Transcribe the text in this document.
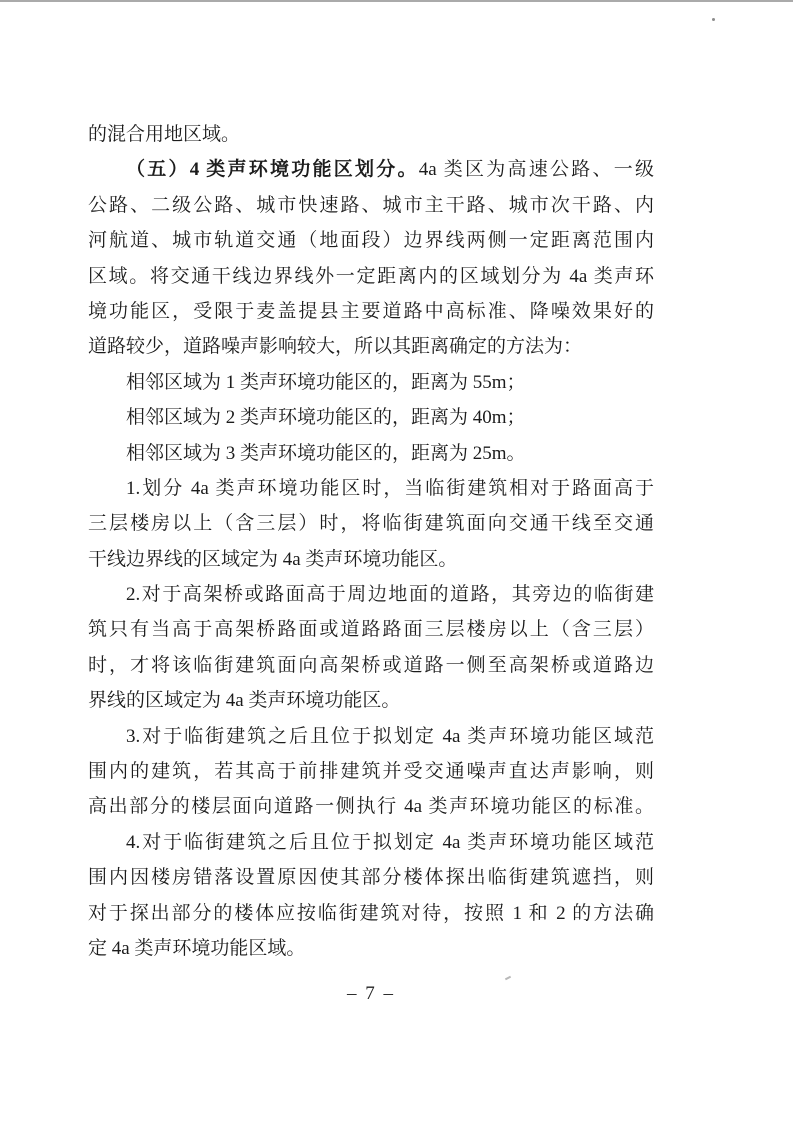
的混合用地区域。
（五）4 类声环境功能区划分。4a 类区为高速公路、一级
公路、二级公路、城市快速路、城市主干路、城市次干路、内
河航道、城市轨道交通（地面段）边界线两侧一定距离范围内
区域。将交通干线边界线外一定距离内的区域划分为 4a 类声环
境功能区，受限于麦盖提县主要道路中高标准、降噪效果好的
道路较少，道路噪声影响较大，所以其距离确定的方法为：
相邻区域为 1 类声环境功能区的，距离为 55m；
相邻区域为 2 类声环境功能区的，距离为 40m；
相邻区域为 3 类声环境功能区的，距离为 25m。
1.划分 4a 类声环境功能区时，当临街建筑相对于路面高于
三层楼房以上（含三层）时，将临街建筑面向交通干线至交通
干线边界线的区域定为 4a 类声环境功能区。
2.对于高架桥或路面高于周边地面的道路，其旁边的临街建
筑只有当高于高架桥路面或道路路面三层楼房以上（含三层）
时，才将该临街建筑面向高架桥或道路一侧至高架桥或道路边
界线的区域定为 4a 类声环境功能区。
3.对于临街建筑之后且位于拟划定 4a 类声环境功能区域范
围内的建筑，若其高于前排建筑并受交通噪声直达声影响，则
高出部分的楼层面向道路一侧执行 4a 类声环境功能区的标准。
4.对于临街建筑之后且位于拟划定 4a 类声环境功能区域范
围内因楼房错落设置原因使其部分楼体探出临街建筑遮挡，则
对于探出部分的楼体应按临街建筑对待，按照 1 和 2 的方法确
定 4a 类声环境功能区域。
– 7 –
